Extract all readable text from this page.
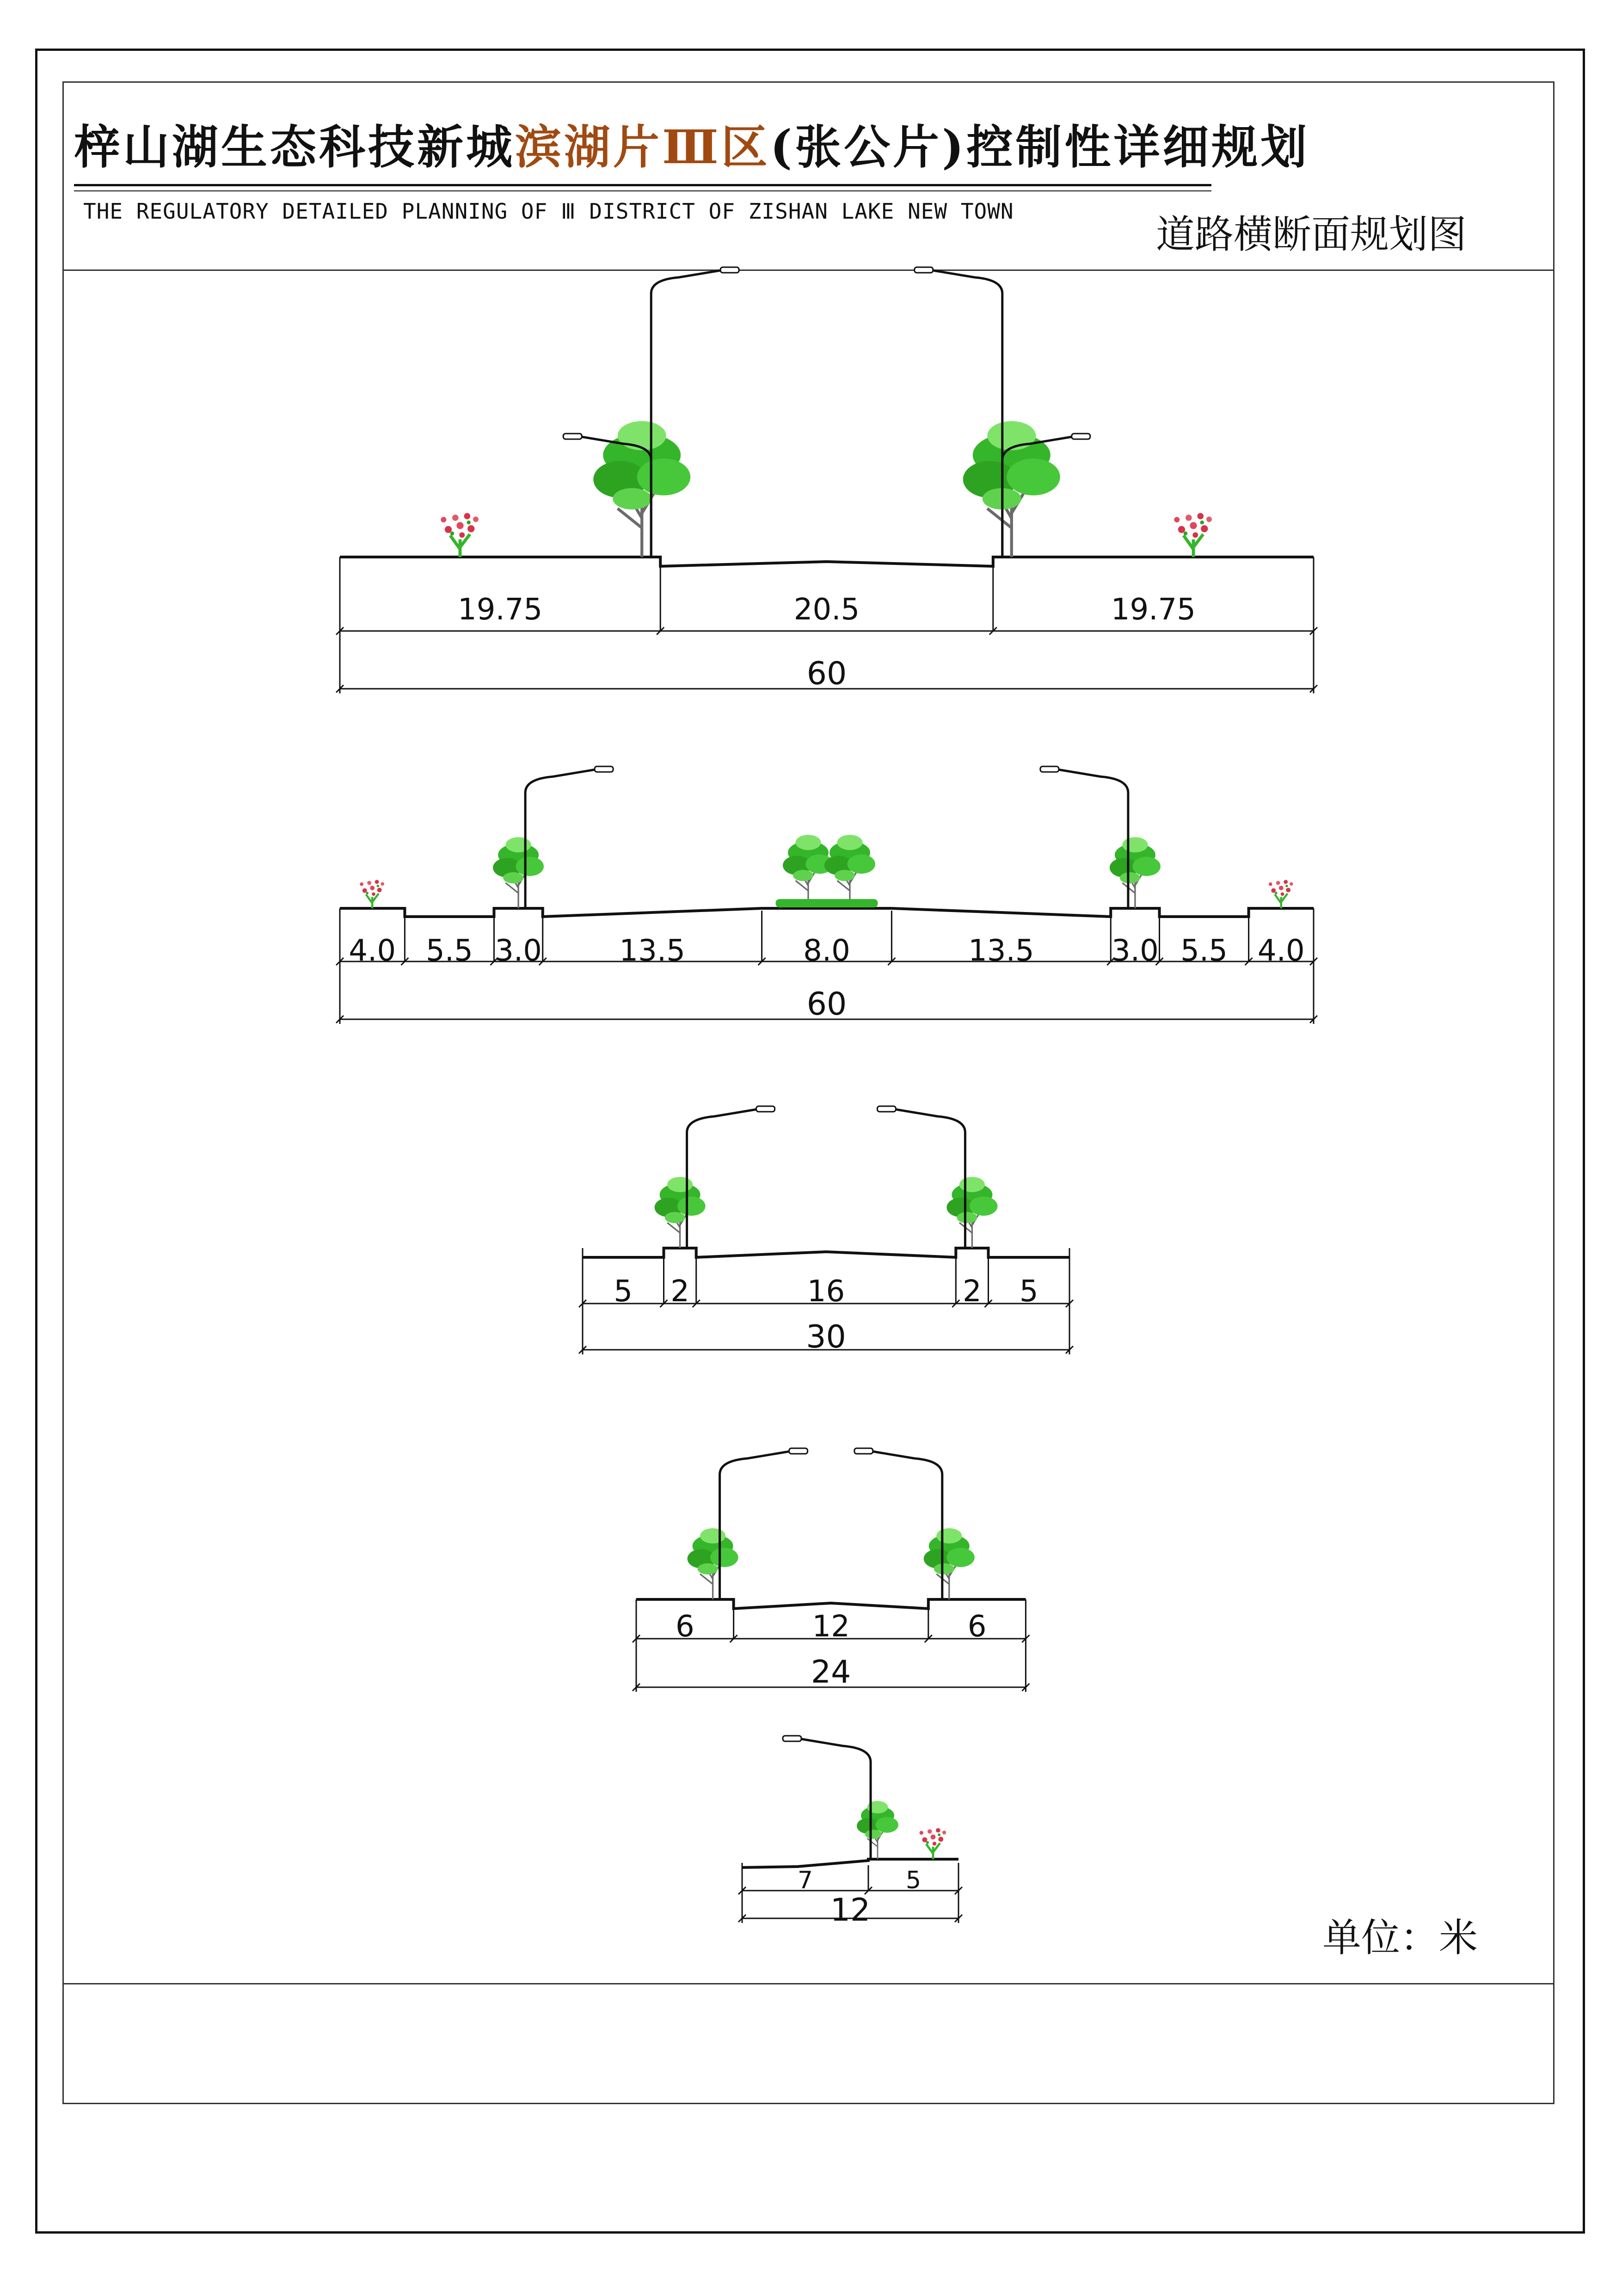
梓山湖生态科技新城滨湖片Ⅲ区(张公片)控制性详细规划
THE REGULATORY DETAILED PLANNING OF Ⅲ DISTRICT OF ZISHAN LAKE NEW TOWN
道路横断面规划图
19.75	20.5	19.75
60
4.0 5.5 3.0	13.5	8.0	13.5	3.0 5.5 4.0
60
5 2	16	2 5
30
6	12	6
24
7	5
12
单位：米
